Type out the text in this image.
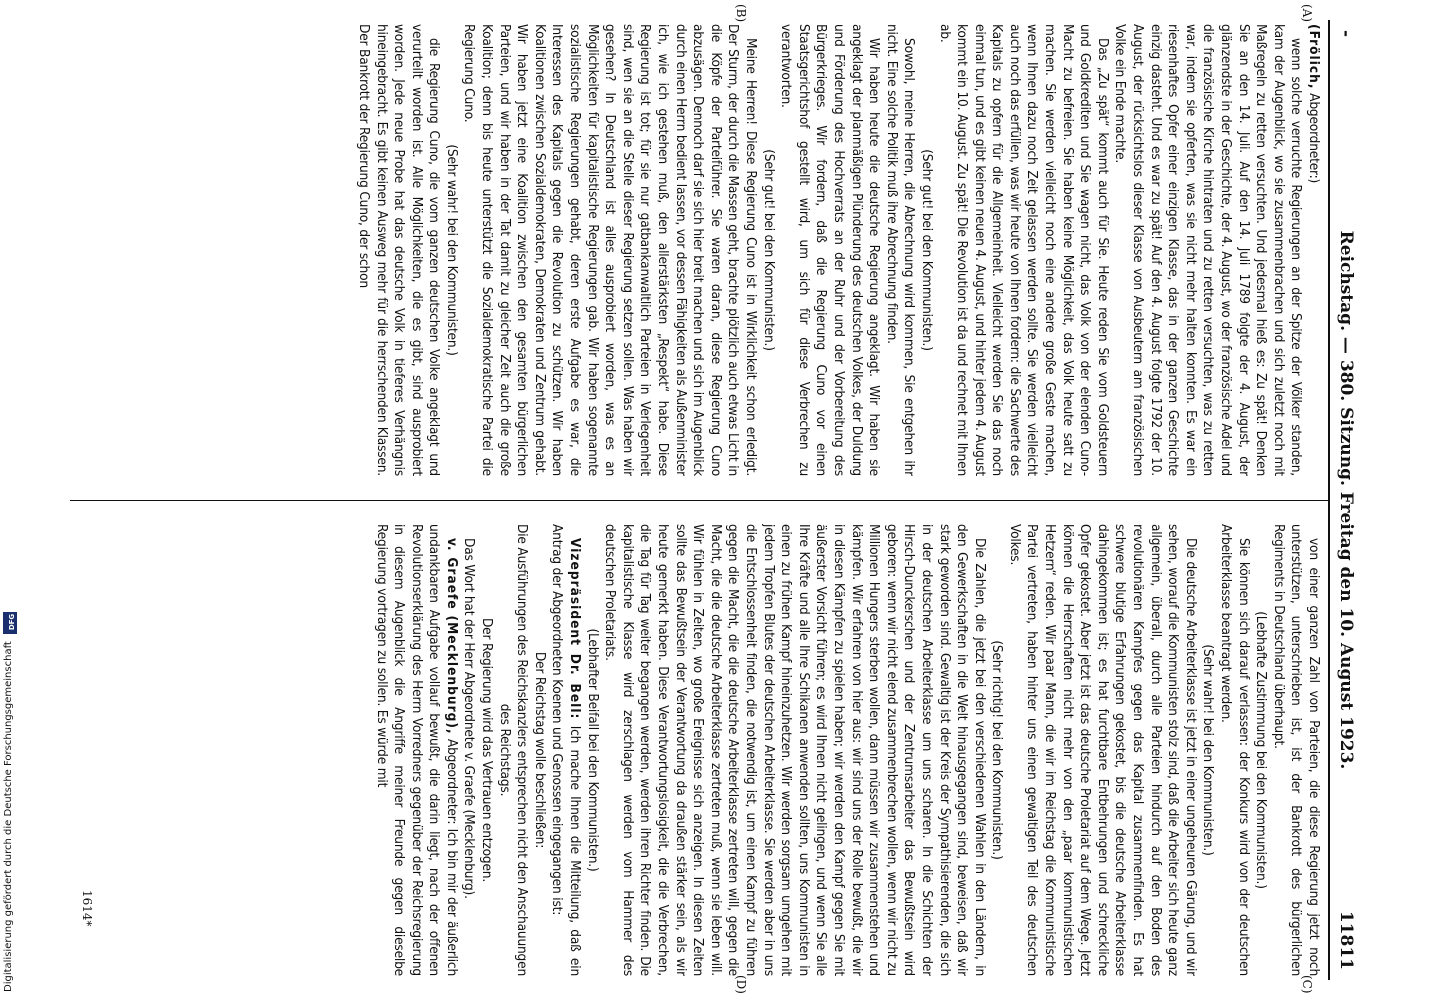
-
Reichstag. — 380. Sitzung. Freitag den 10. August 1923.
11811
(A)
(B)
(C)
(D)

(Frölich, Abgeordneter:)

wenn solche verruchte Regierungen an der Spitze der Völker standen, kam der Augenblick, wo sie zusammenbrachen und sich zuletzt noch mit Maßregeln zu retten versuchten. Und jedesmal hieß es: Zu spät! Denken Sie an den 14. Juli. Auf den 14. Juli 1789 folgte der 4. August, der glänzendste in der Geschichte, der 4. August, wo der französische Adel und die französische Kirche hintraten und zu retten versuchten, was zu retten war, indem sie opferten, was sie nicht mehr halten konnten. Es war ein riesenhaftes Opfer einer einzigen Klasse, das in der ganzen Geschichte einzig dasteht. Und es war zu spät! Auf den 4. August folgte 1792 der 10. August, der rücksichtslos dieser Klasse von Ausbeutern am französischen Volke ein Ende machte.

Das „Zu spät“ kommt auch für Sie. Heute reden Sie vom Goldsteuern und Goldkrediten und Sie wagen nicht, das Volk von der elenden Cuno-Macht zu befreien. Sie haben keine Möglichkeit, das Volk heute satt zu machen. Sie werden vielleicht noch eine andere große Geste machen, wenn Ihnen dazu noch Zeit gelassen werden sollte. Sie werden vielleicht auch noch das erfüllen, was wir heute von Ihnen fordern: die Sachwerte des Kapitals zu opfern für die Allgemeinheit. Vielleicht werden Sie das noch einmal tun, und es gibt keinen neuen 4. August, und hinter jedem 4. August kommt ein 10. August. Zu spät! Die Revolution ist da und rechnet mit Ihnen ab.

(Sehr gut! bei den Kommunisten.)

Sowohl, meine Herren, die Abrechnung wird kommen, Sie entgehen ihr nicht. Eine solche Politik muß ihre Abrechnung finden.

Wir haben heute die deutsche Regierung angeklagt. Wir haben sie angeklagt der planmäßigen Plünderung des deutschen Volkes, der Duldung und Förderung des Hochverrats an der Ruhr und der Vorbereitung des Bürgerkrieges. Wir fordern, daß die Regierung Cuno vor einen Staatsgerichtshof gestellt wird, um sich für diese Verbrechen zu verantworten.

(Sehr gut! bei den Kommunisten.)

Meine Herren! Diese Regierung Cuno ist in Wirklichkeit schon erledigt. Der Sturm, der durch die Massen geht, brachte plötzlich auch etwas Licht in die Köpfe der Parteiführer. Sie waren daran, diese Regierung Cuno abzusägen. Dennoch darf sie sich hier breit machen und sich im Augenblick durch einen Herrn bedient lassen, vor dessen Fähigkeiten als Außenminister ich, wie ich gestehen muß, den allerstärksten „Respekt“ habe. Diese Regierung ist tot; für sie nur gatbankanwaltlich Parteien in Verlegenheit sind, wen sie an die Stelle dieser Regierung setzen sollen. Was haben wir gesehen? In Deutschland ist alles ausprobiert worden, was es an Möglichkeiten für kapitalistische Regierungen gab. Wir haben sogenannte sozialistische Regierungen gehabt, deren erste Aufgabe es war, die Interessen des Kapitals gegen die Revolution zu schützen. Wir haben Koalitionen zwischen Sozialdemokraten, Demokraten und Zentrum gehabt. Wir haben jetzt eine Koalition zwischen den gesamten bürgerlichen Parteien, und wir haben in der Tat damit zu gleicher Zeit auch die große Koalition; denn bis heute unterstützt die Sozialdemokratische Partei die Regierung Cuno.

(Sehr wahr! bei den Kommunisten.)

die Regierung Cuno, die vom ganzen deutschen Volke angeklagt und verurteilt worden ist. Alle Möglichkeiten, die es gibt, sind ausprobiert worden. Jede neue Probe hat das deutsche Volk in tieferes Verhängnis hineingebracht. Es gibt keinen Ausweg mehr für die herrschenden Klassen. Der Bankrott der Regierung Cuno, der schon

von einer ganzen Zahl von Parteien, die diese Regierung jetzt noch unterstützen, unterschrieben ist, ist der Bankrott des bürgerlichen Regiments in Deutschland überhaupt.

(Lebhafte Zustimmung bei den Kommunisten.)

Sie können sich darauf verlassen: der Konkurs wird von der deutschen Arbeiterklasse beantragt werden.

(Sehr wahr! bei den Kommunisten.)

Die deutsche Arbeiterklasse ist jetzt in einer ungeheuren Gärung, und wir sehen, worauf die Kommunisten stolz sind, daß die Arbeiter sich heute ganz allgemein, überall, durch alle Parteien hindurch auf den Boden des revolutionären Kampfes gegen das Kapital zusammenfinden. Es hat schwere blutige Erfahrungen gekostet, bis die deutsche Arbeiterklasse dahingekommen ist; es hat furchtbare Entbehrungen und schreckliche Opfer gekostet. Aber jetzt ist das deutsche Proletariat auf dem Wege. Jetzt können die Herrschaften nicht mehr von den „paar kommunistischen Hetzern“ reden. Wir paar Mann, die wir im Reichstag die Kommunistische Partei vertreten, haben hinter uns einen gewaltigen Teil des deutschen Volkes.

(Sehr richtig! bei den Kommunisten.)

Die Zahlen, die jetzt bei den verschiedenen Wahlen in den Ländern, in den Gewerkschaften in die Welt hinausgegangen sind, beweisen, daß wir stark geworden sind. Gewaltig ist der Kreis der Sympathisierenden, die sich in der deutschen Arbeiterklasse um uns scharen. In die Schichten der Hirsch-Dunckerschen und der Zentrumsarbeiter das Bewußtsein wird geboren: wenn wir nicht elend zusammenbrechen wollen, wenn wir nicht zu Millionen Hungers sterben wollen, dann müssen wir zusammenstehen und kämpfen. Wir erfahren von hier aus: wir sind uns der Rolle bewußt, die wir in diesen Kämpfen zu spielen haben; wir werden den Kampf gegen Sie mit äußerster Vorsicht führen; es wird Ihnen nicht gelingen, und wenn Sie alle Ihre Kräfte und alle Ihre Schikanen anwenden sollten, uns Kommunisten in einen zu frühen Kampf hineinzuhetzen. Wir werden sorgsam umgehen mit jedem Tropfen Blutes der deutschen Arbeiterklasse. Sie werden aber in uns die Entschlossenheit finden, die notwendig ist, um einen Kampf zu führen gegen die Macht, die die deutsche Arbeiterklasse zertreten will, gegen die Macht, die die deutsche Arbeiterklasse zertreten muß, wenn sie leben will. Wir fühlen in Zeiten, wo große Ereignisse sich anzeigen. In diesen Zeiten sollte das Bewußtsein der Verantwortung da draußen stärker sein, als wir heute gemerkt haben. Diese Verantwortungslosigkeit, die die Verbrechen, die Tag für Tag weiter begangen werden, werden ihren Richter finden. Die kapitalistische Klasse wird zerschlagen werden vom Hammer des deutschen Proletariats.

(Lebhafter Beifall bei den Kommunisten.)

Vizepräsident Dr. Bell: Ich mache Ihnen die Mitteilung, daß ein Antrag der Abgeordneten Koenen und Genossen eingegangen ist:

Der Reichstag wolle beschließen:

Die Ausführungen des Reichskanzlers entsprechen nicht den Anschauungen des Reichstags.

Der Regierung wird das Vertrauen entzogen.

Das Wort hat der Herr Abgeordnete v. Graefe (Mecklenburg).

v. Graefe (Mecklenburg), Abgeordneter: Ich bin mir der äußerlich undankbaren Aufgabe vollauf bewußt, die darin liegt, nach der offenen Revolutionserklärung des Herrn Vorredners gegenüber der Reichsregierung in diesem Augenblick die Angriffe meiner Freunde gegen dieselbe Regierung vortragen zu sollen. Es würde mit

1614*
DFG
Digitalisierung gefördert durch die Deutsche Forschungsgemeinschaft
